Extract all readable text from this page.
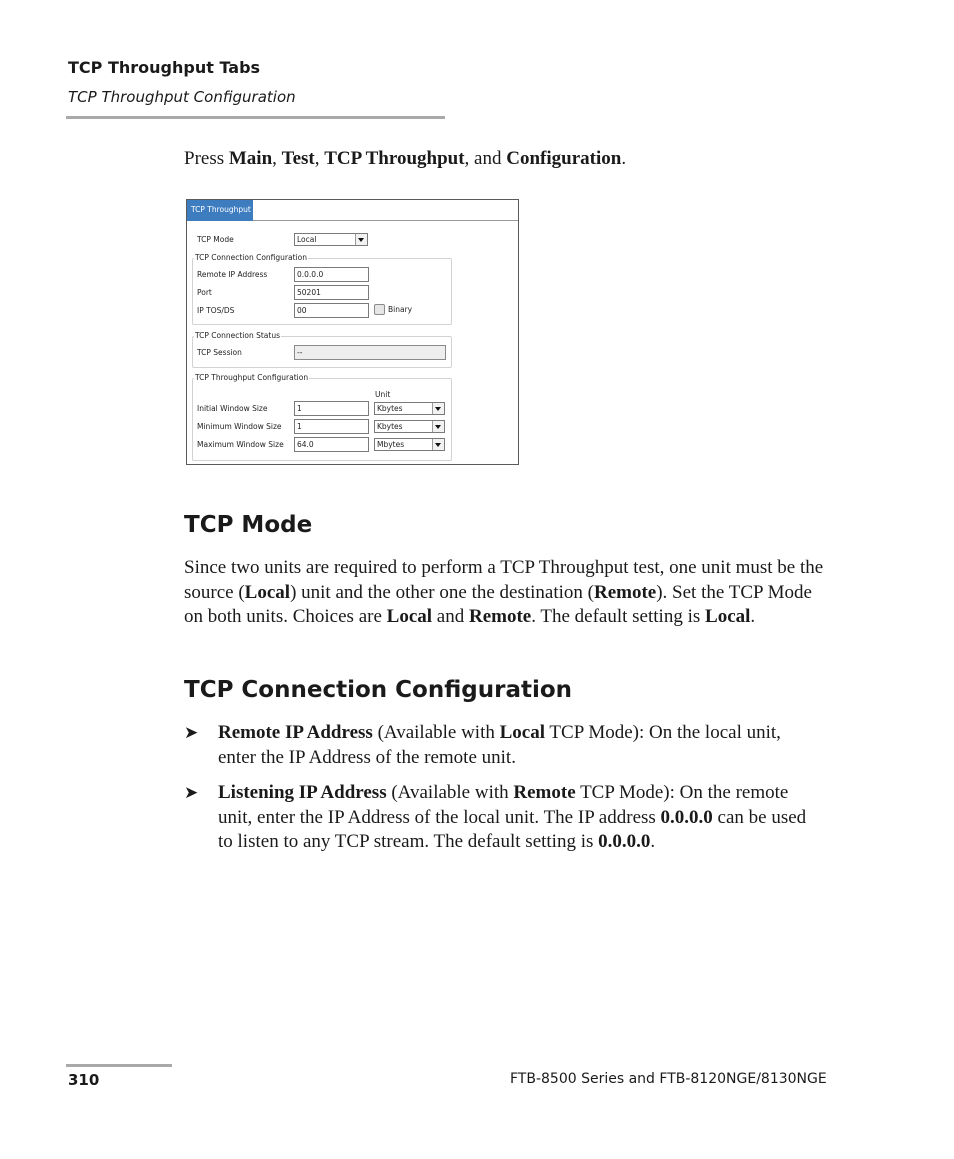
TCP Throughput Tabs
TCP Throughput Configuration
Press Main, Test, TCP Throughput, and Configuration.
TCP Throughput
TCP Mode	Local
TCP Connection Configuration
Remote IP Address	0.0.0.0
Port	50201
IP TOS/DS	00	Binary
TCP Connection Status
TCP Session	--
TCP Throughput Configuration
Unit
Initial Window Size	1	Kbytes
Minimum Window Size	1	Kbytes
Maximum Window Size	64.0	Mbytes
TCP Mode
Since two units are required to perform a TCP Throughput test, one unit must be the source (Local) unit and the other one the destination (Remote). Set the TCP Mode on both units. Choices are Local and Remote. The default setting is Local.
TCP Connection Configuration
➤ Remote IP Address (Available with Local TCP Mode): On the local unit, enter the IP Address of the remote unit.
➤ Listening IP Address (Available with Remote TCP Mode): On the remote unit, enter the IP Address of the local unit. The IP address 0.0.0.0 can be used to listen to any TCP stream. The default setting is 0.0.0.0.
310	FTB-8500 Series and FTB-8120NGE/8130NGE
